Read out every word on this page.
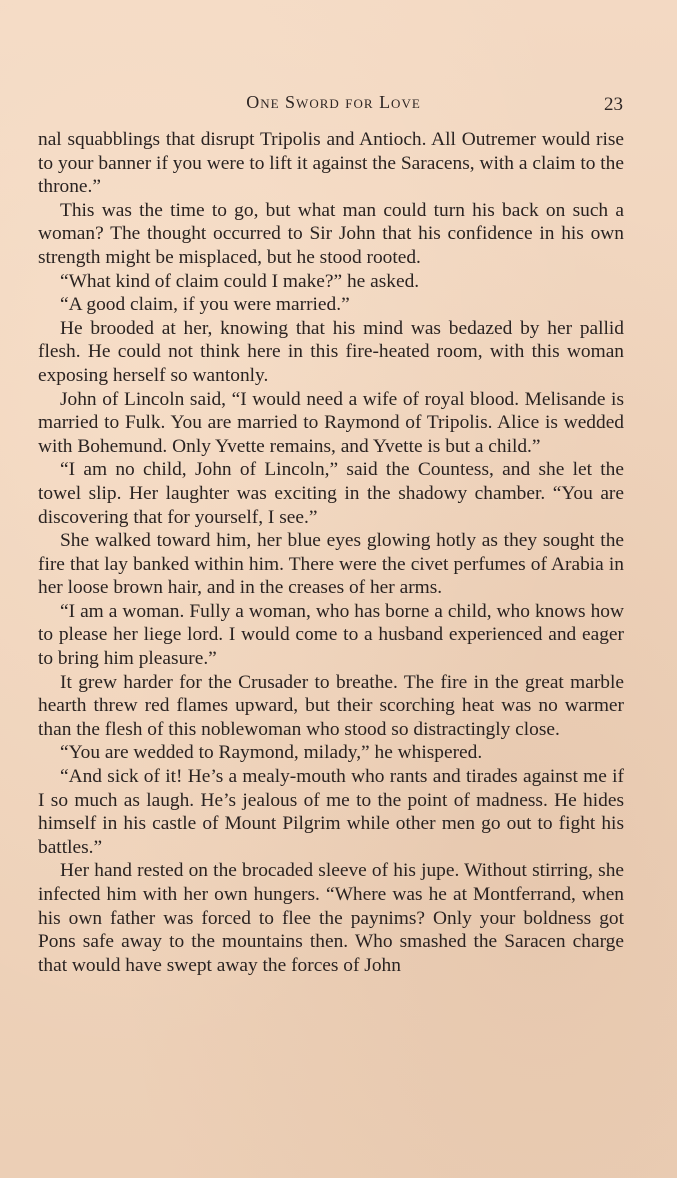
One Sword for Love	23

nal squabblings that disrupt Tripolis and Antioch. All Outremer would rise to your banner if you were to lift it against the Saracens, with a claim to the throne.”

This was the time to go, but what man could turn his back on such a woman? The thought occurred to Sir John that his confidence in his own strength might be misplaced, but he stood rooted.

“What kind of claim could I make?” he asked.

“A good claim, if you were married.”

He brooded at her, knowing that his mind was bedazed by her pallid flesh. He could not think here in this fire-heated room, with this woman exposing herself so wantonly.

John of Lincoln said, “I would need a wife of royal blood. Melisande is married to Fulk. You are married to Raymond of Tripolis. Alice is wedded with Bohemund. Only Yvette remains, and Yvette is but a child.”

“I am no child, John of Lincoln,” said the Countess, and she let the towel slip. Her laughter was exciting in the shadowy chamber. “You are discovering that for yourself, I see.”

She walked toward him, her blue eyes glowing hotly as they sought the fire that lay banked within him. There were the civet perfumes of Arabia in her loose brown hair, and in the creases of her arms.

“I am a woman. Fully a woman, who has borne a child, who knows how to please her liege lord. I would come to a husband experienced and eager to bring him pleasure.”

It grew harder for the Crusader to breathe. The fire in the great marble hearth threw red flames upward, but their scorching heat was no warmer than the flesh of this noblewoman who stood so distractingly close.

“You are wedded to Raymond, milady,” he whispered.

“And sick of it! He’s a mealy-mouth who rants and tirades against me if I so much as laugh. He’s jealous of me to the point of madness. He hides himself in his castle of Mount Pilgrim while other men go out to fight his battles.”

Her hand rested on the brocaded sleeve of his jupe. Without stirring, she infected him with her own hungers. “Where was he at Montferrand, when his own father was forced to flee the paynims? Only your boldness got Pons safe away to the mountains then. Who smashed the Saracen charge that would have swept away the forces of John
